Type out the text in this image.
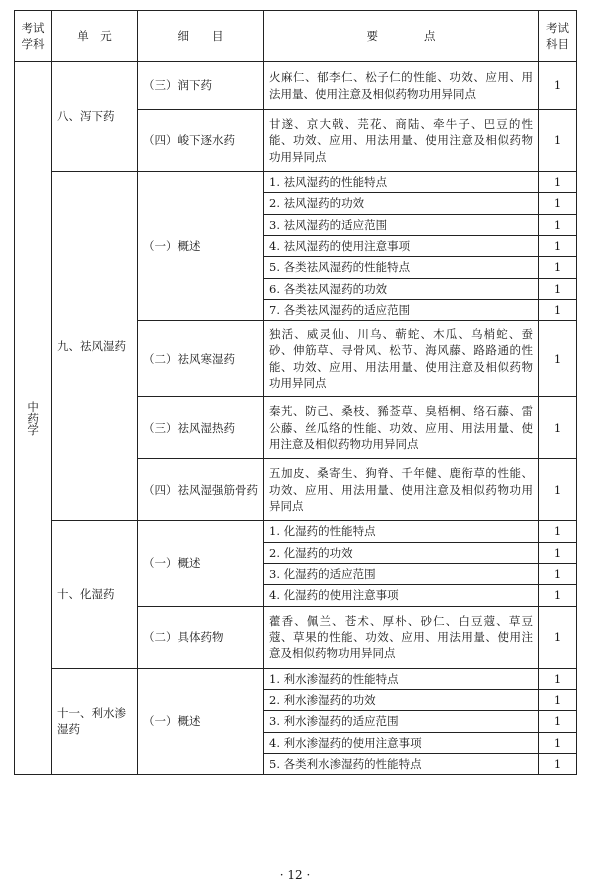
考试学科	单　元	细　　目	要　　　　点	考试科目
中药学	八、泻下药	（三）润下药	火麻仁、郁李仁、松子仁的性能、功效、应用、用法用量、使用注意及相似药物功用异同点	1
		（四）峻下逐水药	甘遂、京大戟、芫花、商陆、牵牛子、巴豆的性能、功效、应用、用法用量、使用注意及相似药物功用异同点	1
	九、祛风湿药	（一）概述	1. 祛风湿药的性能特点	1
			2. 祛风湿药的功效	1
			3. 祛风湿药的适应范围	1
			4. 祛风湿药的使用注意事项	1
			5. 各类祛风湿药的性能特点	1
			6. 各类祛风湿药的功效	1
			7. 各类祛风湿药的适应范围	1
		（二）祛风寒湿药	独活、威灵仙、川乌、蕲蛇、木瓜、乌梢蛇、蚕砂、伸筋草、寻骨风、松节、海风藤、路路通的性能、功效、应用、用法用量、使用注意及相似药物功用异同点	1
		（三）祛风湿热药	秦艽、防己、桑枝、豨莶草、臭梧桐、络石藤、雷公藤、丝瓜络的性能、功效、应用、用法用量、使用注意及相似药物功用异同点	1
		（四）祛风湿强筋骨药	五加皮、桑寄生、狗脊、千年健、鹿衔草的性能、功效、应用、用法用量、使用注意及相似药物功用异同点	1
	十、化湿药	（一）概述	1. 化湿药的性能特点	1
			2. 化湿药的功效	1
			3. 化湿药的适应范围	1
			4. 化湿药的使用注意事项	1
		（二）具体药物	藿香、佩兰、苍术、厚朴、砂仁、白豆蔻、草豆蔻、草果的性能、功效、应用、用法用量、使用注意及相似药物功用异同点	1
	十一、利水渗湿药	（一）概述	1. 利水渗湿药的性能特点	1
			2. 利水渗湿药的功效	1
			3. 利水渗湿药的适应范围	1
			4. 利水渗湿药的使用注意事项	1
			5. 各类利水渗湿药的性能特点	1
· 12 ·
